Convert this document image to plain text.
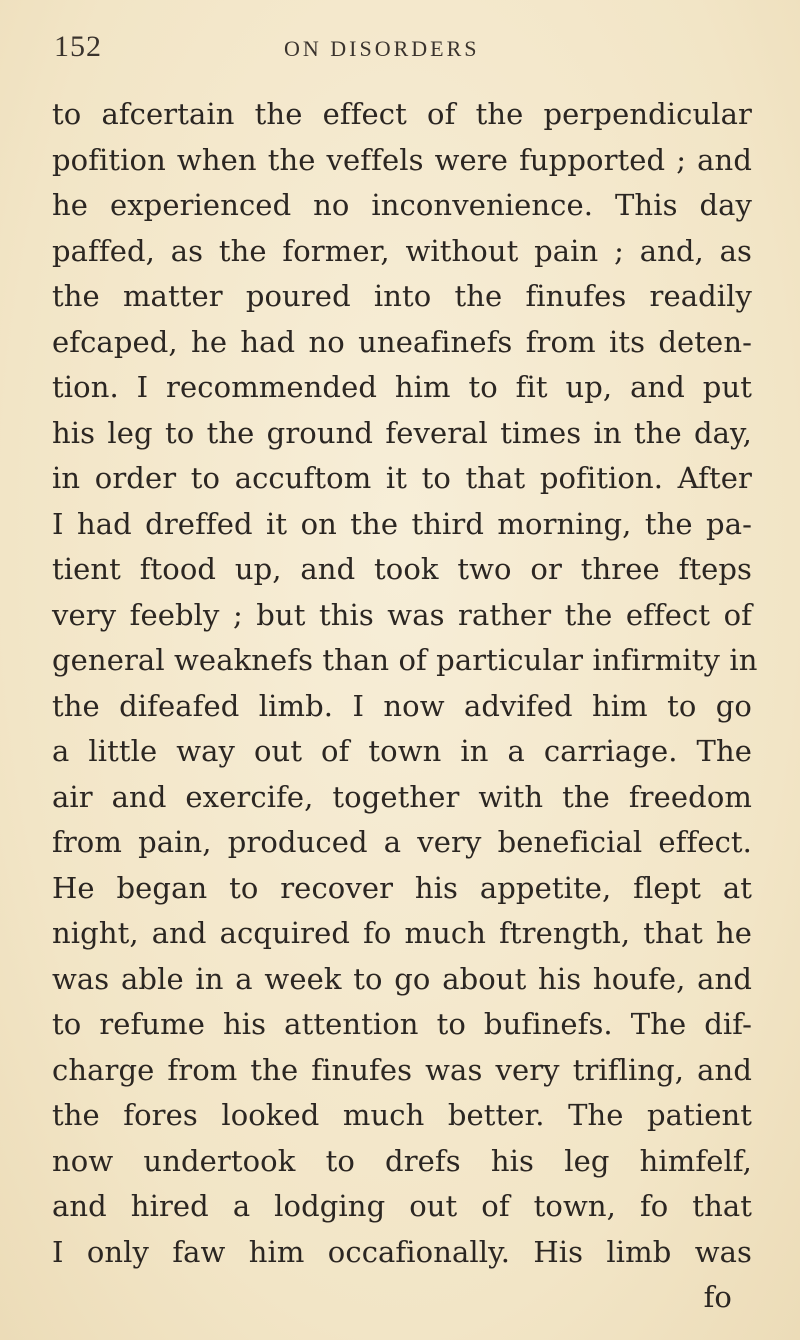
152	ON DISORDERS
to afcertain the effect of the perpendicular
pofition when the veffels were fupported ; and
he experienced no inconvenience. This day
paffed, as the former, without pain ; and, as
the matter poured into the finufes readily
efcaped, he had no uneafinefs from its deten-
tion. I recommended him to fit up, and put
his leg to the ground feveral times in the day,
in order to accuftom it to that pofition. After
I had dreffed it on the third morning, the pa-
tient ftood up, and took two or three fteps
very feebly ; but this was rather the effect of
general weaknefs than of particular infirmity in
the difeafed limb. I now advifed him to go
a little way out of town in a carriage. The
air and exercife, together with the freedom
from pain, produced a very beneficial effect.
He began to recover his appetite, flept at
night, and acquired fo much ftrength, that he
was able in a week to go about his houfe, and
to refume his attention to bufinefs. The dif-
charge from the finufes was very trifling, and
the fores looked much better. The patient
now undertook to drefs his leg himfelf,
and hired a lodging out of town, fo that
I only faw him occafionally. His limb was
fo
